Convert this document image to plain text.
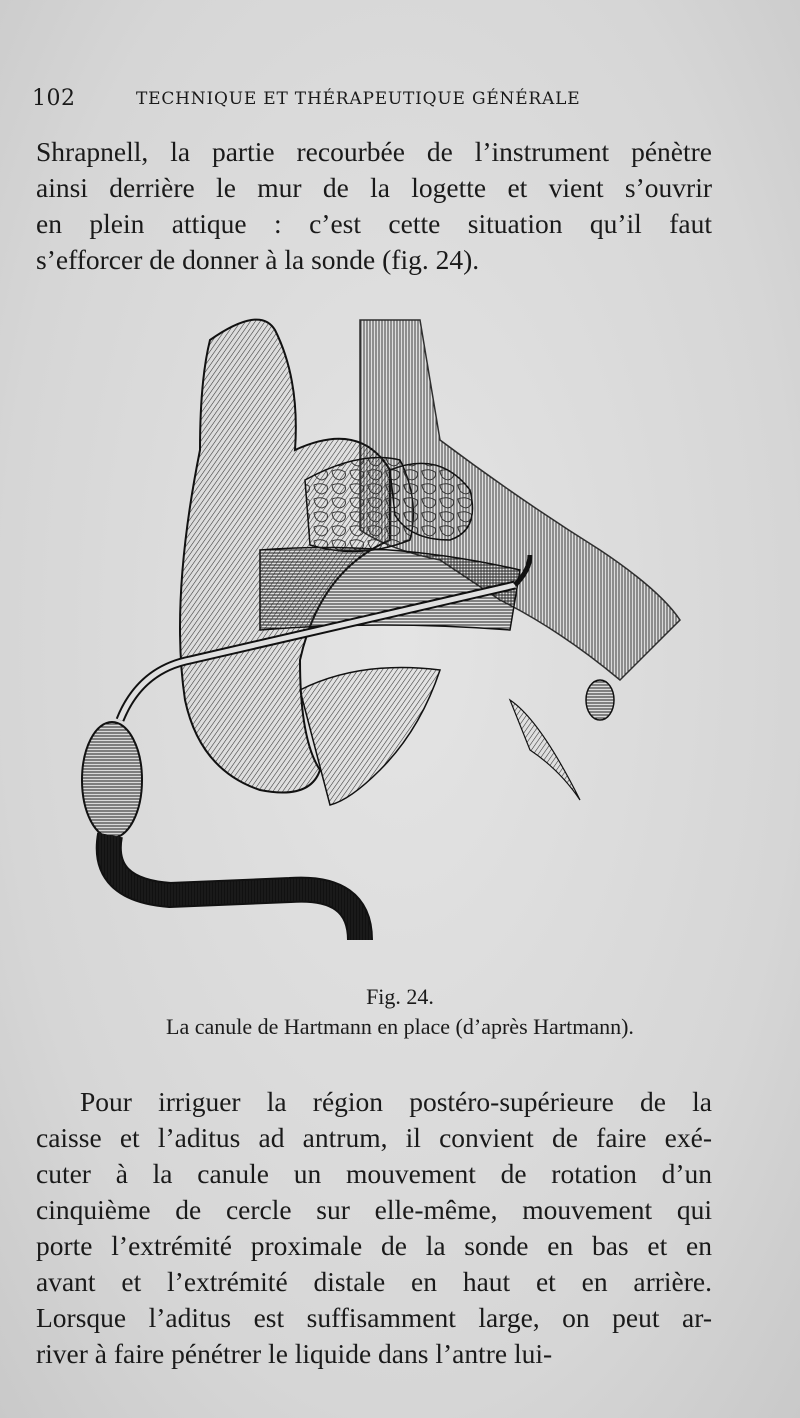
102	TECHNIQUE ET THÉRAPEUTIQUE GÉNÉRALE
Shrapnell, la partie recourbée de l’instrument pénètre
ainsi derrière le mur de la logette et vient s’ouvrir
en plein attique : c’est cette situation qu’il faut
s’efforcer de donner à la sonde (fig. 24).
Fig. 24.
La canule de Hartmann en place (d’après Hartmann).
Pour irriguer la région postéro-supérieure de la
caisse et l’aditus ad antrum, il convient de faire exé-
cuter à la canule un mouvement de rotation d’un
cinquième de cercle sur elle-même, mouvement qui
porte l’extrémité proximale de la sonde en bas et en
avant et l’extrémité distale en haut et en arrière.
Lorsque l’aditus est suffisamment large, on peut ar-
river à faire pénétrer le liquide dans l’antre lui-
